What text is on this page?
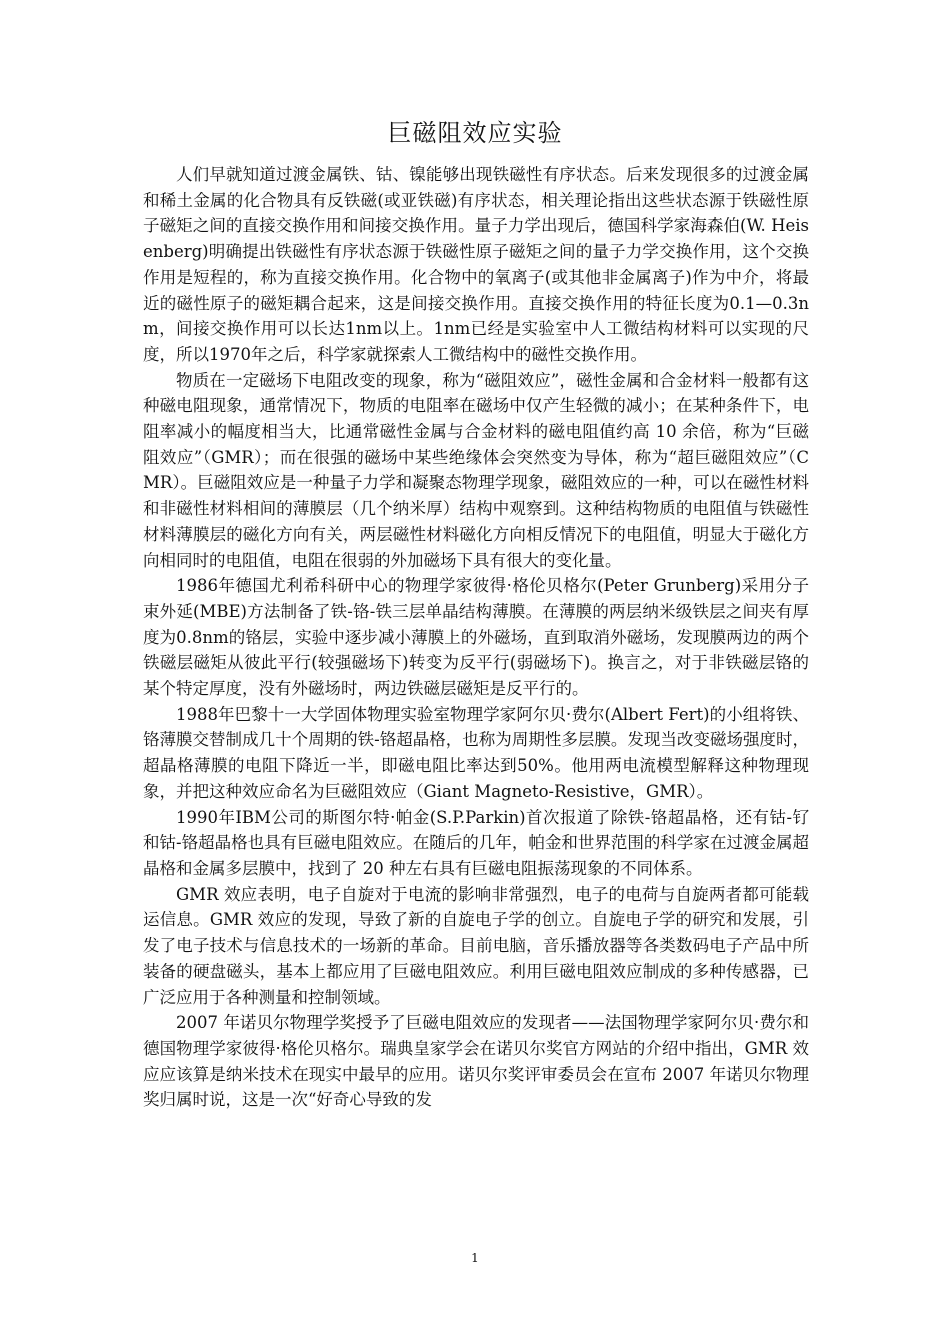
巨磁阻效应实验

人们早就知道过渡金属铁、钴、镍能够出现铁磁性有序状态。后来发现很多的过渡金属和稀土金属的化合物具有反铁磁(或亚铁磁)有序状态，相关理论指出这些状态源于铁磁性原子磁矩之间的直接交换作用和间接交换作用。量子力学出现后，德国科学家海森伯(W. Heisenberg)明确提出铁磁性有序状态源于铁磁性原子磁矩之间的量子力学交换作用，这个交换作用是短程的，称为直接交换作用。化合物中的氧离子(或其他非金属离子)作为中介，将最近的磁性原子的磁矩耦合起来，这是间接交换作用。直接交换作用的特征长度为0.1—0.3nm，间接交换作用可以长达1nm以上。1nm已经是实验室中人工微结构材料可以实现的尺度，所以1970年之后，科学家就探索人工微结构中的磁性交换作用。

物质在一定磁场下电阻改变的现象，称为“磁阻效应”，磁性金属和合金材料一般都有这种磁电阻现象，通常情况下，物质的电阻率在磁场中仅产生轻微的减小；在某种条件下，电阻率减小的幅度相当大，比通常磁性金属与合金材料的磁电阻值约高 10 余倍，称为“巨磁阻效应”（GMR）；而在很强的磁场中某些绝缘体会突然变为导体，称为“超巨磁阻效应”（CMR）。巨磁阻效应是一种量子力学和凝聚态物理学现象，磁阻效应的一种，可以在磁性材料和非磁性材料相间的薄膜层（几个纳米厚）结构中观察到。这种结构物质的电阻值与铁磁性材料薄膜层的磁化方向有关，两层磁性材料磁化方向相反情况下的电阻值，明显大于磁化方向相同时的电阻值，电阻在很弱的外加磁场下具有很大的变化量。

1986年德国尤利希科研中心的物理学家彼得·格伦贝格尔(Peter Grunberg)采用分子束外延(MBE)方法制备了铁-铬-铁三层单晶结构薄膜。在薄膜的两层纳米级铁层之间夹有厚度为0.8nm的铬层，实验中逐步减小薄膜上的外磁场，直到取消外磁场，发现膜两边的两个铁磁层磁矩从彼此平行(较强磁场下)转变为反平行(弱磁场下)。换言之，对于非铁磁层铬的某个特定厚度，没有外磁场时，两边铁磁层磁矩是反平行的。

1988年巴黎十一大学固体物理实验室物理学家阿尔贝·费尔(Albert Fert)的小组将铁、铬薄膜交替制成几十个周期的铁-铬超晶格，也称为周期性多层膜。发现当改变磁场强度时，超晶格薄膜的电阻下降近一半，即磁电阻比率达到50%。他用两电流模型解释这种物理现象，并把这种效应命名为巨磁阻效应（Giant Magneto-Resistive，GMR）。

1990年IBM公司的斯图尔特·帕金(S.P.Parkin)首次报道了除铁-铬超晶格，还有钴-钌和钴-铬超晶格也具有巨磁电阻效应。在随后的几年，帕金和世界范围的科学家在过渡金属超晶格和金属多层膜中，找到了 20 种左右具有巨磁电阻振荡现象的不同体系。

GMR 效应表明，电子自旋对于电流的影响非常强烈，电子的电荷与自旋两者都可能载运信息。GMR 效应的发现，导致了新的自旋电子学的创立。自旋电子学的研究和发展，引发了电子技术与信息技术的一场新的革命。目前电脑，音乐播放器等各类数码电子产品中所装备的硬盘磁头，基本上都应用了巨磁电阻效应。利用巨磁电阻效应制成的多种传感器，已广泛应用于各种测量和控制领域。

2007 年诺贝尔物理学奖授予了巨磁电阻效应的发现者——法国物理学家阿尔贝·费尔和德国物理学家彼得·格伦贝格尔。瑞典皇家学会在诺贝尔奖官方网站的介绍中指出，GMR 效应应该算是纳米技术在现实中最早的应用。诺贝尔奖评审委员会在宣布 2007 年诺贝尔物理奖归属时说，这是一次“好奇心导致的发

1
